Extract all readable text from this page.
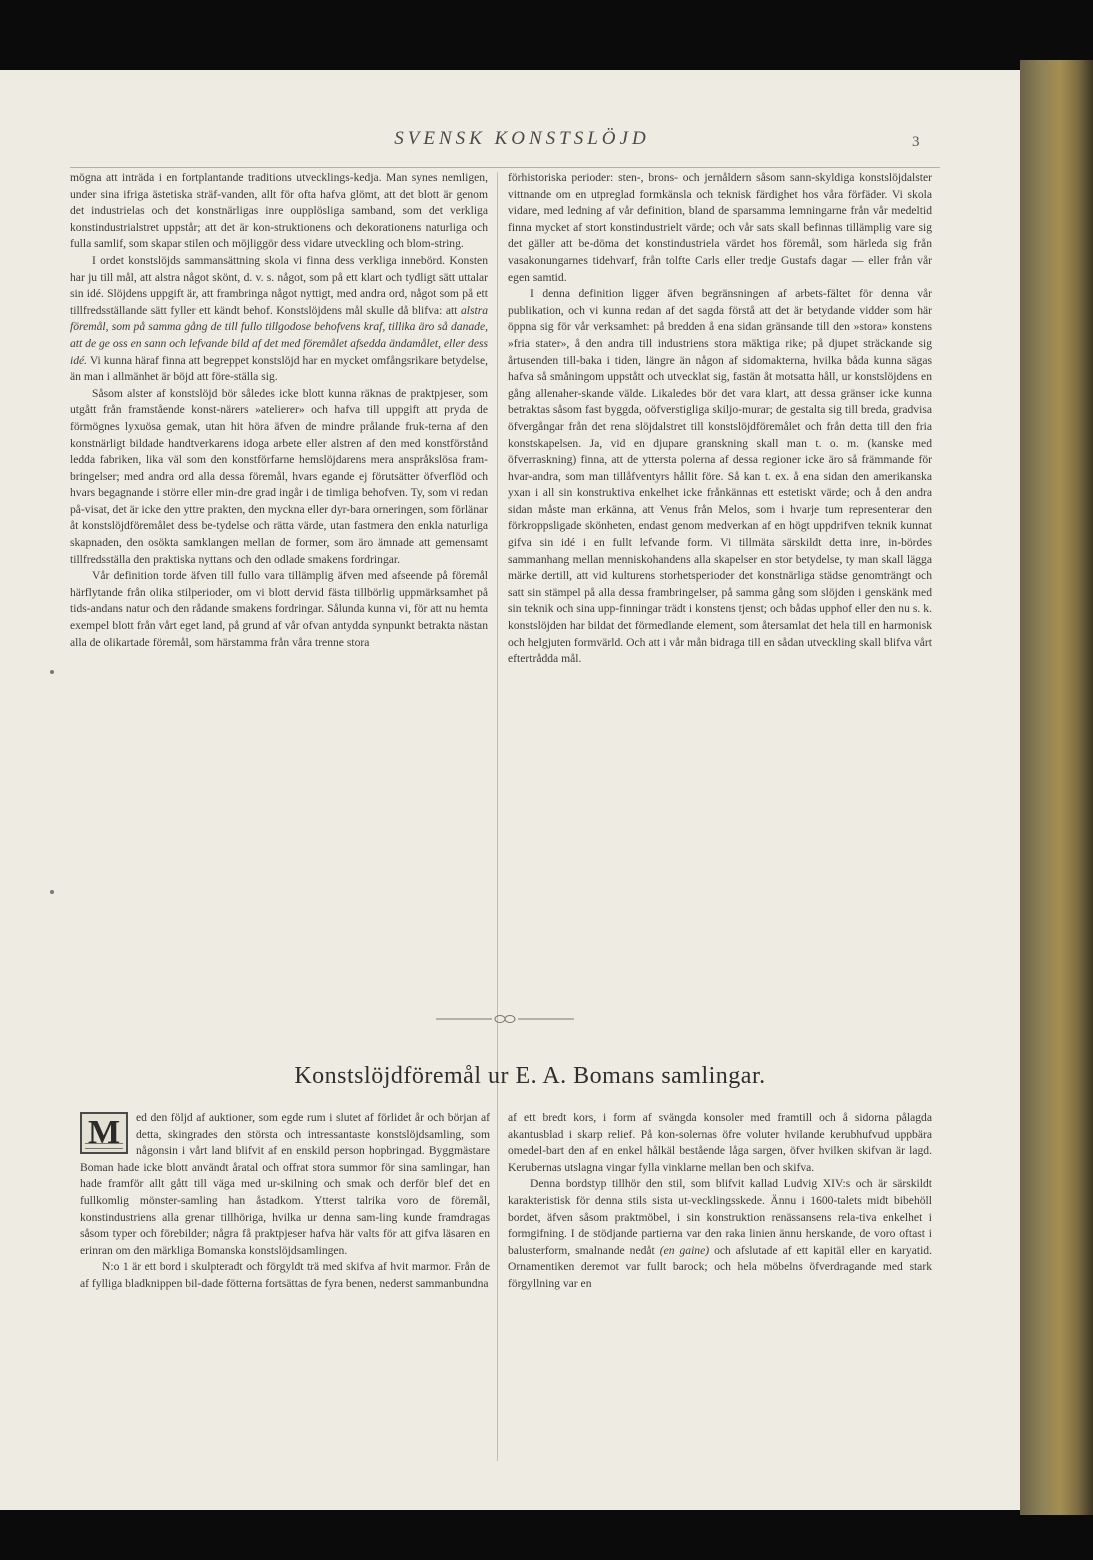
SVENSK KONSTSLÖJD	3

mögna att inträda i en fortplantande traditions utvecklings-kedja. Man synes nemligen, under sina ifriga ästetiska sträf-vanden, allt för ofta hafva glömt, att det blott är genom det industrielas och det konstnärligas inre oupplösliga samband, som det verkliga konstindustrialstret uppstår; att det är kon-struktionens och dekorationens naturliga och fulla samlif, som skapar stilen och möjliggör dess vidare utveckling och blom-string.

I ordet konstslöjds sammansättning skola vi finna dess verkliga innebörd. Konsten har ju till mål, att alstra något skönt, d. v. s. något, som på ett klart och tydligt sätt uttalar sin idé. Slöjdens uppgift är, att frambringa något nyttigt, med andra ord, något som på ett tillfredsställande sätt fyller ett kändt behof. Konstslöjdens mål skulle då blifva: att alstra föremål, som på samma gång de till fullo tillgodose behofvens kraf, tillika äro så danade, att de ge oss en sann och lefvande bild af det med föremålet afsedda ändamålet, eller dess idé. Vi kunna häraf finna att begreppet konstslöjd har en mycket omfångsrikare betydelse, än man i allmänhet är böjd att före-ställa sig.

Såsom alster af konstslöjd bör således icke blott kunna räknas de praktpjeser, som utgått från framstående konst-närers »atelierer» och hafva till uppgift att pryda de förmögnes lyxuösa gemak, utan hit höra äfven de mindre prålande fruk-terna af den konstnärligt bildade handtverkarens idoga arbete eller alstren af den med konstförstånd ledda fabriken, lika väl som den konstförfarne hemslöjdarens mera anspråkslösa fram-bringelser; med andra ord alla dessa föremål, hvars egande ej förutsätter öfverflöd och hvars begagnande i större eller min-dre grad ingår i de timliga behofven. Ty, som vi redan på-visat, det är icke den yttre prakten, den myckna eller dyr-bara orneringen, som förlänar åt konstslöjdföremålet dess be-tydelse och rätta värde, utan fastmera den enkla naturliga skapnaden, den osökta samklangen mellan de former, som äro ämnade att gemensamt tillfredsställa den praktiska nyttans och den odlade smakens fordringar.

Vår definition torde äfven till fullo vara tillämplig äfven med afseende på föremål härflytande från olika stilperioder, om vi blott dervid fästa tillbörlig uppmärksamhet på tids-andans natur och den rådande smakens fordringar. Sålunda kunna vi, för att nu hemta exempel blott från vårt eget land, på grund af vår ofvan antydda synpunkt betrakta nästan alla de olikartade föremål, som härstamma från våra trenne stora

förhistoriska perioder: sten-, brons- och jernåldern såsom sann-skyldiga konstslöjdalster vittnande om en utpreglad formkänsla och teknisk färdighet hos våra förfäder. Vi skola vidare, med ledning af vår definition, bland de sparsamma lemningarne från vår medeltid finna mycket af stort konstindustrielt värde; och vår sats skall befinnas tillämplig vare sig det gäller att be-döma det konstindustriela värdet hos föremål, som härleda sig från vasakonungarnes tidehvarf, från tolfte Carls eller tredje Gustafs dagar — eller från vår egen samtid.

I denna definition ligger äfven begränsningen af arbets-fältet för denna vår publikation, och vi kunna redan af det sagda förstå att det är betydande vidder som här öppna sig för vår verksamhet: på bredden å ena sidan gränsande till den »stora» konstens »fria stater», å den andra till industriens stora mäktiga rike; på djupet sträckande sig årtusenden till-baka i tiden, längre än någon af sidomakterna, hvilka båda kunna sägas hafva så småningom uppstått och utvecklat sig, fastän åt motsatta håll, ur konstslöjdens en gång allenaher-skande välde. Likaledes bör det vara klart, att dessa gränser icke kunna betraktas såsom fast byggda, oöfverstigliga skiljo-murar; de gestalta sig till breda, gradvisa öfvergångar från det rena slöjdalstret till konstslöjdföremålet och från detta till den fria konstskapelsen. Ja, vid en djupare granskning skall man t. o. m. (kanske med öfverraskning) finna, att de yttersta polerna af dessa regioner icke äro så främmande för hvar-andra, som man tillåfventyrs hållit före. Så kan t. ex. å ena sidan den amerikanska yxan i all sin konstruktiva enkelhet icke frånkännas ett estetiskt värde; och å den andra sidan måste man erkänna, att Venus från Melos, som i hvarje tum representerar den förkroppsligade skönheten, endast genom medverkan af en högt uppdrifven teknik kunnat gifva sin idé i en fullt lefvande form. Vi tillmäta särskildt detta inre, in-bördes sammanhang mellan menniskohandens alla skapelser en stor betydelse, ty man skall lägga märke dertill, att vid kulturens storhetsperioder det konstnärliga städse genomträngt och satt sin stämpel på alla dessa frambringelser, på samma gång som slöjden i genskänk med sin teknik och sina upp-finningar trädt i konstens tjenst; och bådas upphof eller den nu s. k. konstslöjden har bildat det förmedlande element, som återsamlat det hela till en harmonisk och helgjuten formvärld. Och att i vår mån bidraga till en sådan utveckling skall blifva vårt eftertrådda mål.

Konstslöjdföremål ur E. A. Bomans samlingar.

M	ed den följd af auktioner, som egde rum i slutet af förlidet år och början af detta, skingrades den största och intressantaste konstslöjdsamling, som någonsin i vårt land blifvit af en enskild person hopbringad. Byggmästare Boman hade icke blott användt åratal och offrat stora summor för sina samlingar, han hade framför allt gått till väga med ur-skilning och smak och derför blef det en fullkomlig mönster-samling han åstadkom. Ytterst talrika voro de föremål, konstindustriens alla grenar tillhöriga, hvilka ur denna sam-ling kunde framdragas såsom typer och förebilder; några få praktpjeser hafva här valts för att gifva läsaren en erinran om den märkliga Bomanska konstslöjdsamlingen.

N:o 1 är ett bord i skulpteradt och förgyldt trä med skifva af hvit marmor. Från de af fylliga bladknippen bil-dade fötterna fortsättas de fyra benen, nederst sammanbundna

af ett bredt kors, i form af svängda konsoler med framtill och å sidorna pålagda akantusblad i skarp relief. På kon-solernas öfre voluter hvilande kerubhufvud uppbära omedel-bart den af en enkel hålkäl bestående låga sargen, öfver hvilken skifvan är lagd. Kerubernas utslagna vingar fylla vinklarne mellan ben och skifva.

Denna bordstyp tillhör den stil, som blifvit kallad Ludvig XIV:s och är särskildt karakteristisk för denna stils sista ut-vecklingsskede. Ännu i 1600-talets midt bibehöll bordet, äfven såsom praktmöbel, i sin konstruktion renässansens rela-tiva enkelhet i formgifning. I de stödjande partierna var den raka linien ännu herskande, de voro oftast i balusterform, smalnande nedåt (en gaine) och afslutade af ett kapitäl eller en karyatid. Ornamentiken deremot var fullt barock; och hela möbelns öfverdragande med stark förgyllning var en
